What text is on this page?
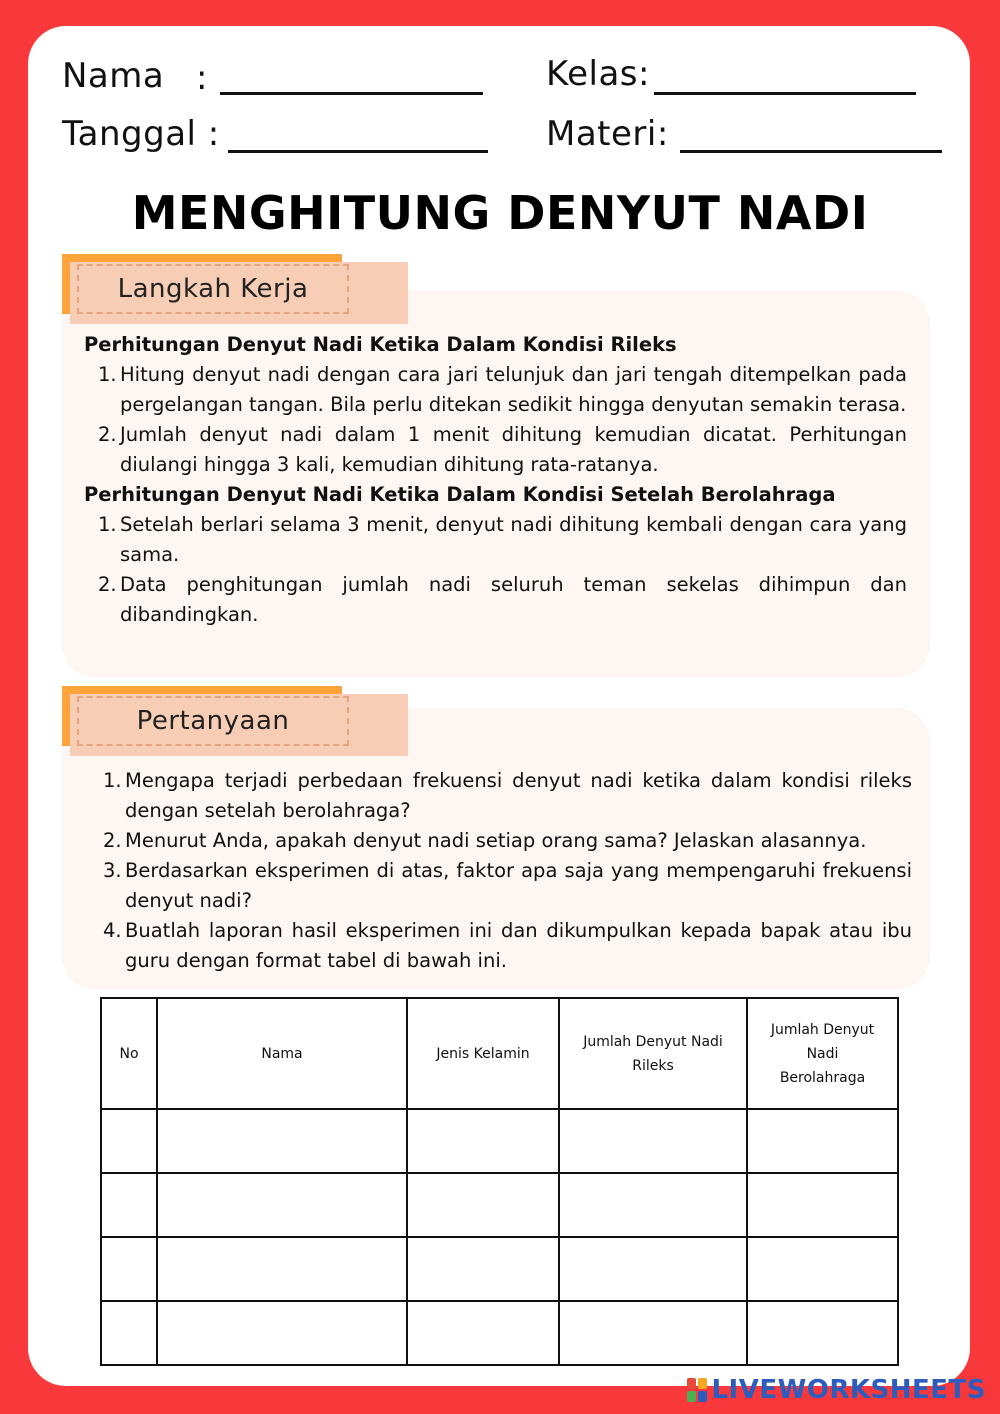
Nama :
Tanggal :
Kelas:
Materi:
MENGHITUNG DENYUT NADI
Langkah Kerja

Perhitungan Denyut Nadi Ketika Dalam Kondisi Rileks

1. Hitung denyut nadi dengan cara jari telunjuk dan jari tengah ditempelkan pada pergelangan tangan. Bila perlu ditekan sedikit hingga denyutan semakin terasa.
2. Jumlah denyut nadi dalam 1 menit dihitung kemudian dicatat. Perhitungan diulangi hingga 3 kali, kemudian dihitung rata-ratanya.

Perhitungan Denyut Nadi Ketika Dalam Kondisi Setelah Berolahraga

1. Setelah berlari selama 3 menit, denyut nadi dihitung kembali dengan cara yang sama.
2. Data penghitungan jumlah nadi seluruh teman sekelas dihimpun dan dibandingkan.
Pertanyaan
1. Mengapa terjadi perbedaan frekuensi denyut nadi ketika dalam kondisi rileks dengan setelah berolahraga?
2. Menurut Anda, apakah denyut nadi setiap orang sama? Jelaskan alasannya.
3. Berdasarkan eksperimen di atas, faktor apa saja yang mempengaruhi frekuensi denyut nadi?
4. Buatlah laporan hasil eksperimen ini dan dikumpulkan kepada bapak atau ibu guru dengan format tabel di bawah ini.
No	Nama	Jenis Kelamin	Jumlah Denyut Nadi Rileks	Jumlah Denyut Nadi Berolahraga

LIVEWORKSHEETS
